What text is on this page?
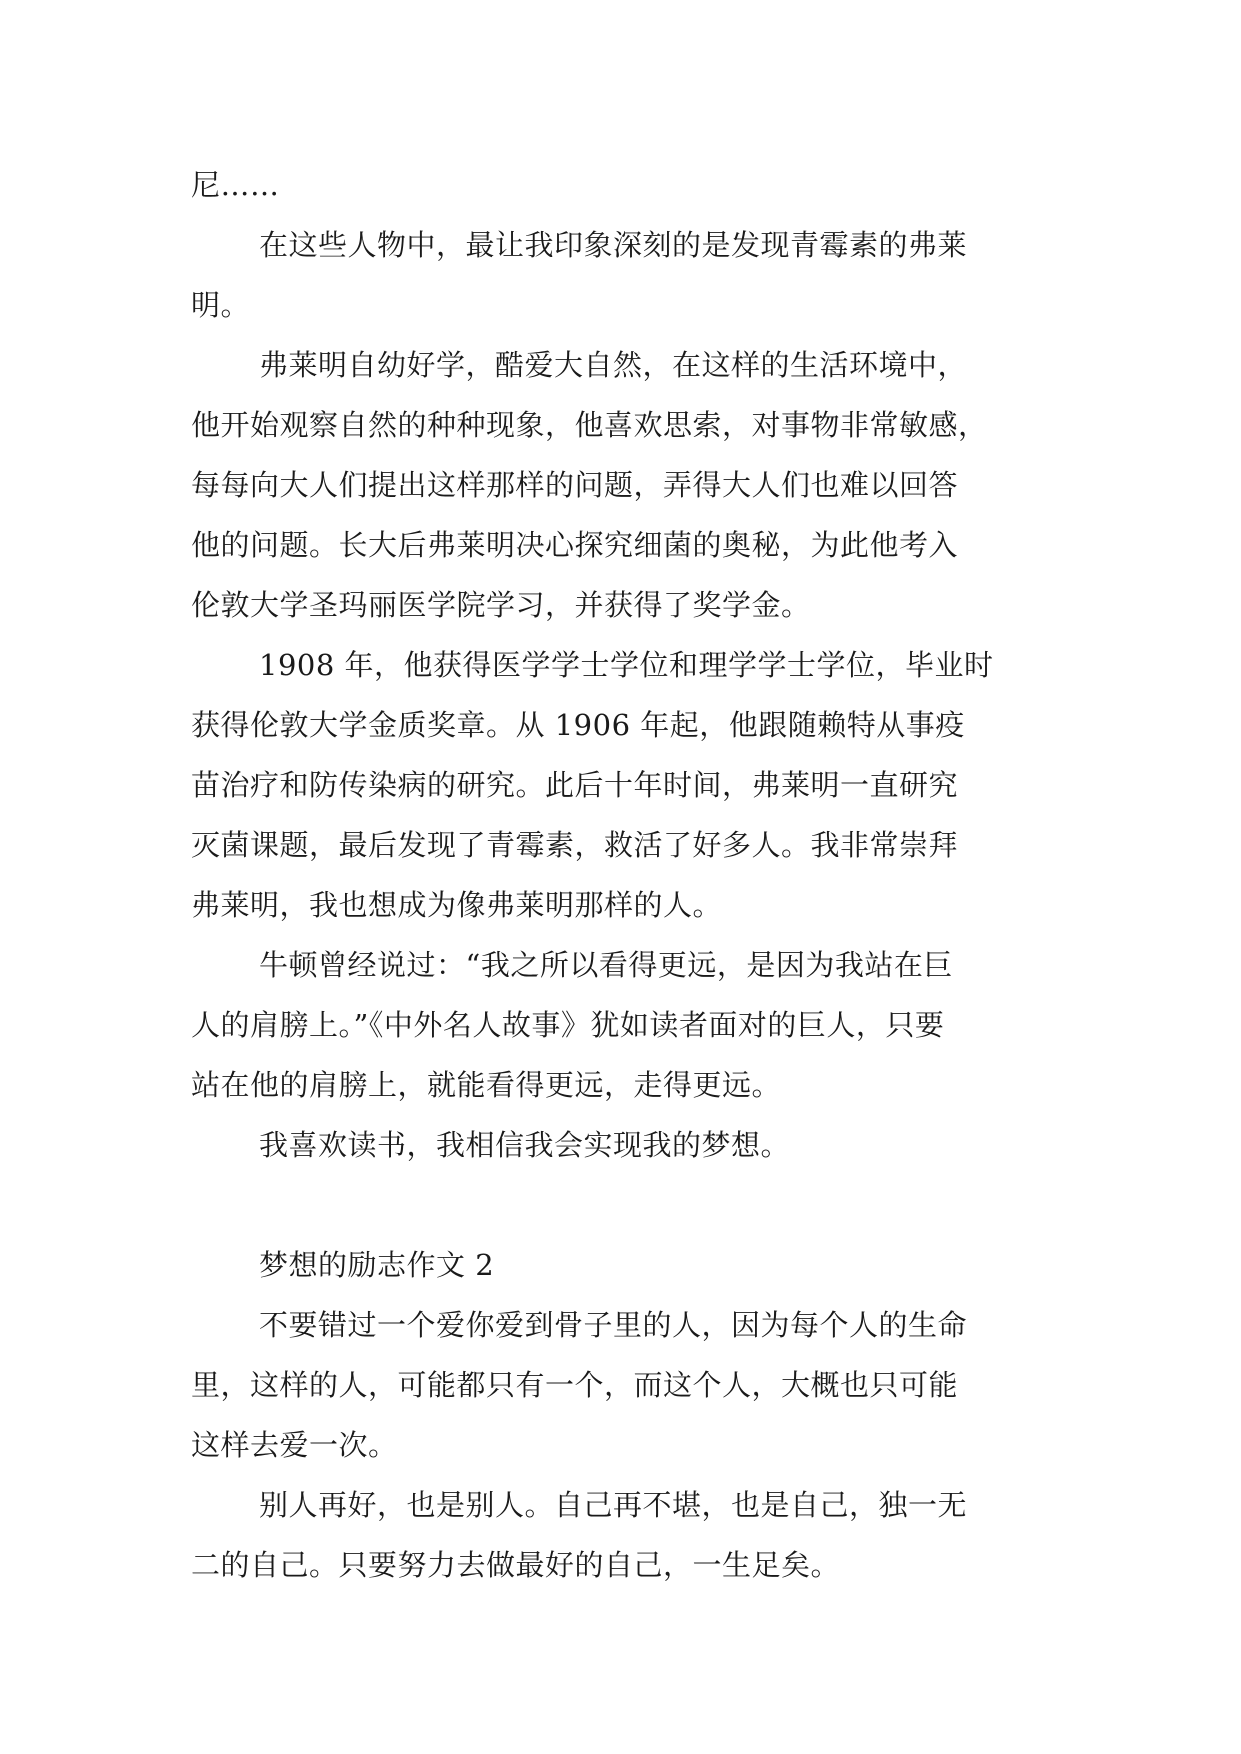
尼……
在这些人物中，最让我印象深刻的是发现青霉素的弗莱
明。
弗莱明自幼好学，酷爱大自然，在这样的生活环境中，
他开始观察自然的种种现象，他喜欢思索，对事物非常敏感，
每每向大人们提出这样那样的问题，弄得大人们也难以回答
他的问题。长大后弗莱明决心探究细菌的奥秘，为此他考入
伦敦大学圣玛丽医学院学习，并获得了奖学金。
1908 年，他获得医学学士学位和理学学士学位，毕业时
获得伦敦大学金质奖章。从 1906 年起，他跟随赖特从事疫
苗治疗和防传染病的研究。此后十年时间，弗莱明一直研究
灭菌课题，最后发现了青霉素，救活了好多人。我非常崇拜
弗莱明，我也想成为像弗莱明那样的人。
牛顿曾经说过：“我之所以看得更远，是因为我站在巨
人的肩膀上。”《中外名人故事》犹如读者面对的巨人，只要
站在他的肩膀上，就能看得更远，走得更远。
我喜欢读书，我相信我会实现我的梦想。
梦想的励志作文 2
不要错过一个爱你爱到骨子里的人，因为每个人的生命
里，这样的人，可能都只有一个，而这个人，大概也只可能
这样去爱一次。
别人再好，也是别人。自己再不堪，也是自己，独一无
二的自己。只要努力去做最好的自己，一生足矣。
